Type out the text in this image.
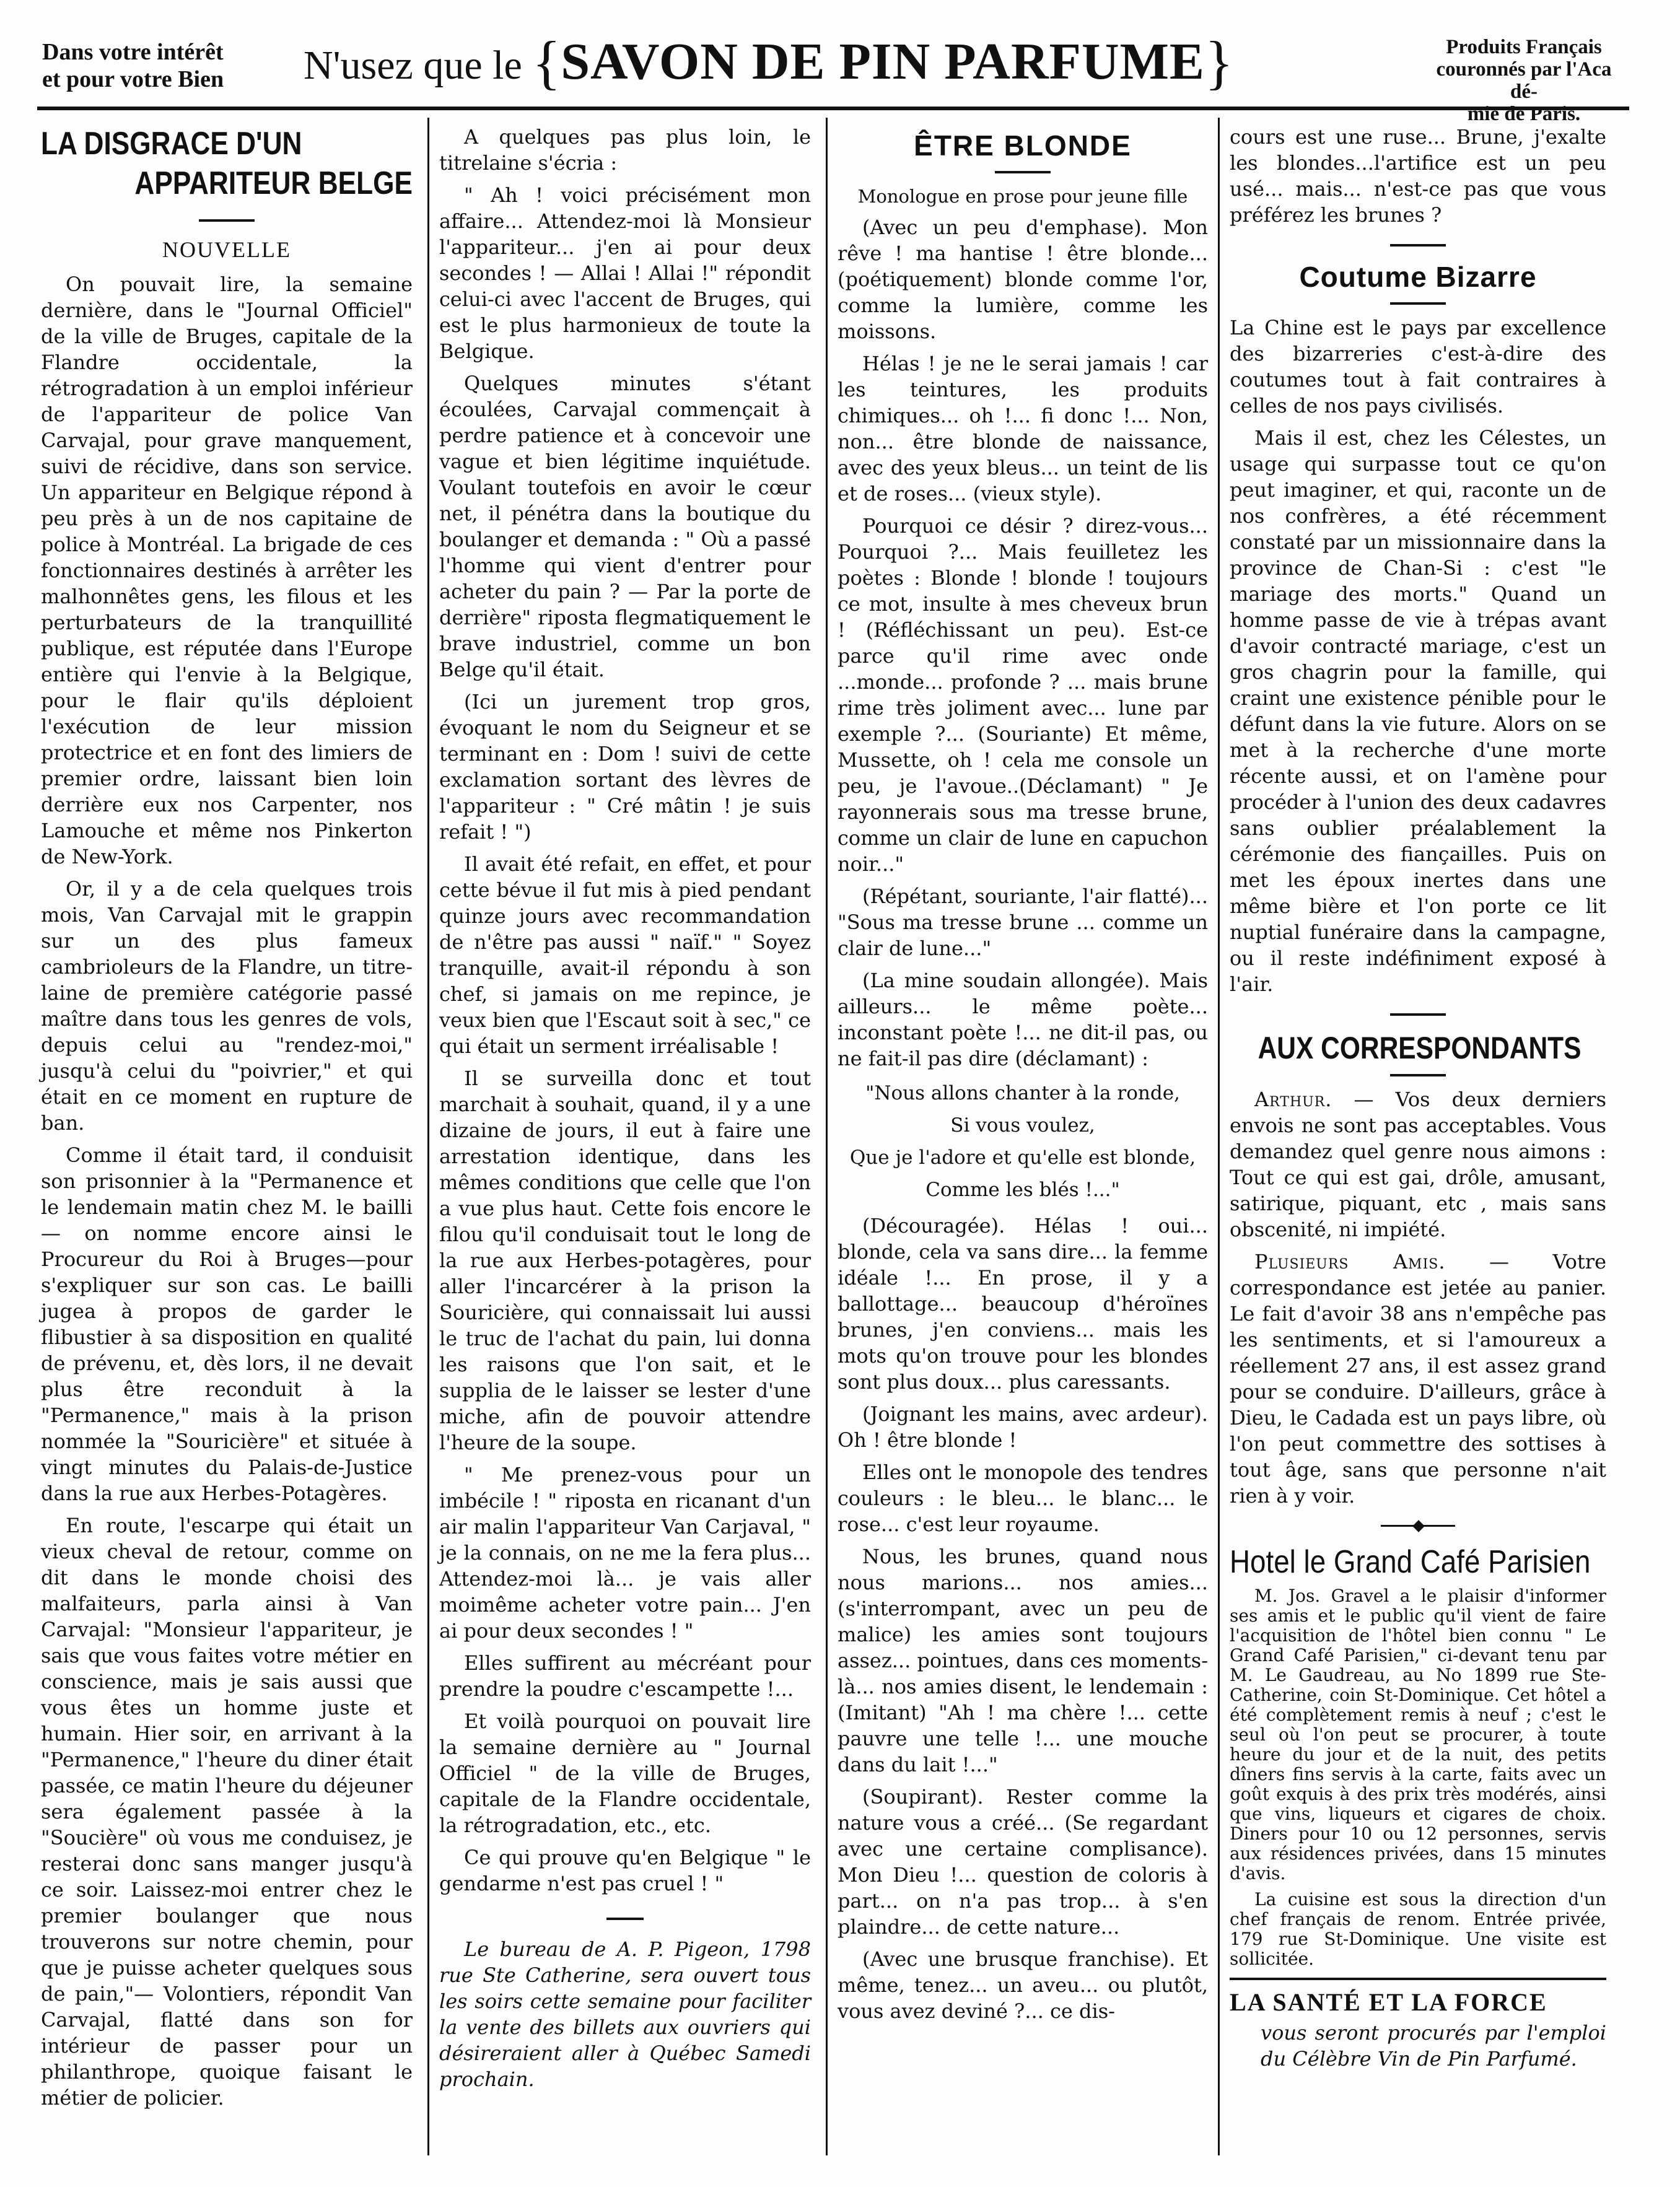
Dans votre intérêt
et pour votre Bien N'usez que le {SAVON DE PIN PARFUME}	Produits Français
couronnés par l'Aca dé-
mie de Paris.
LA DISGRACE D'UN
APPARITEUR BELGE
NOUVELLE

On pouvait lire, la semaine dernière, dans le "Journal Officiel" de la ville de Bruges, capitale de la Flandre occidentale, la rétrogradation à un emploi inférieur de l'appariteur de police Van Carvajal, pour grave manquement, suivi de récidive, dans son service. Un appariteur en Belgique répond à peu près à un de nos capitaine de police à Montréal. La brigade de ces fonctionnaires destinés à arrêter les malhonnêtes gens, les filous et les perturbateurs de la tranquillité publique, est réputée dans l'Europe entière qui l'envie à la Belgique, pour le flair qu'ils déploient l'exécution de leur mission protectrice et en font des limiers de premier ordre, laissant bien loin derrière eux nos Carpenter, nos Lamouche et même nos Pinkerton de New-York.

Or, il y a de cela quelques trois mois, Van Carvajal mit le grappin sur un des plus fameux cambrioleurs de la Flandre, un titre-laine de première catégorie passé maître dans tous les genres de vols, depuis celui au "rendez-moi," jusqu'à celui du "poivrier," et qui était en ce moment en rupture de ban.

Comme il était tard, il conduisit son prisonnier à la "Permanence et le lendemain matin chez M. le bailli— on nomme encore ainsi le Procureur du Roi à Bruges—pour s'expliquer sur son cas. Le bailli jugea à propos de garder le flibustier à sa disposition en qualité de prévenu, et, dès lors, il ne devait plus être reconduit à la "Permanence," mais à la prison nommée la "Souricière" et située à vingt minutes du Palais-de-Justice dans la rue aux Herbes-Potagères.

En route, l'escarpe qui était un vieux cheval de retour, comme on dit dans le monde choisi des malfaiteurs, parla ainsi à Van Carvajal: "Monsieur l'appariteur, je sais que vous faites votre métier en conscience, mais je sais aussi que vous êtes un homme juste et humain. Hier soir, en arrivant à la "Permanence," l'heure du diner était passée, ce matin l'heure du déjeuner sera également passée à la "Soucière" où vous me conduisez, je resterai donc sans manger jusqu'à ce soir. Laissez-moi entrer chez le premier boulanger que nous trouverons sur notre chemin, pour que je puisse acheter quelques sous de pain,"— Volontiers, répondit Van Carvajal, flatté dans son for intérieur de passer pour un philanthrope, quoique faisant le métier de policier.

A quelques pas plus loin, le titrelaine s'écria :

" Ah ! voici précisément mon affaire... Attendez-moi là Monsieur l'appariteur... j'en ai pour deux secondes ! — Allai ! Allai !" répondit celui-ci avec l'accent de Bruges, qui est le plus harmonieux de toute la Belgique.

Quelques minutes s'étant écoulées, Carvajal commençait à perdre patience et à concevoir une vague et bien légitime inquiétude. Voulant toutefois en avoir le cœur net, il pénétra dans la boutique du boulanger et demanda : " Où a passé l'homme qui vient d'entrer pour acheter du pain ? — Par la porte de derrière" riposta flegmatiquement le brave industriel, comme un bon Belge qu'il était.

(Ici un jurement trop gros, évoquant le nom du Seigneur et se terminant en : Dom ! suivi de cette exclamation sortant des lèvres de l'appariteur : " Cré mâtin ! je suis refait ! ")

Il avait été refait, en effet, et pour cette bévue il fut mis à pied pendant quinze jours avec recommandation de n'être pas aussi " naïf." " Soyez tranquille, avait-il répondu à son chef, si jamais on me repince, je veux bien que l'Escaut soit à sec," ce qui était un serment irréalisable !

Il se surveilla donc et tout marchait à souhait, quand, il y a une dizaine de jours, il eut à faire une arrestation identique, dans les mêmes conditions que celle que l'on a vue plus haut. Cette fois encore le filou qu'il conduisait tout le long de la rue aux Herbes-potagères, pour aller l'incarcérer à la prison la Souricière, qui connaissait lui aussi le truc de l'achat du pain, lui donna les raisons que l'on sait, et le supplia de le laisser se lester d'une miche, afin de pouvoir attendre l'heure de la soupe.

" Me prenez-vous pour un imbécile ! " riposta en ricanant d'un air malin l'appariteur Van Carjaval, " je la connais, on ne me la fera plus... Attendez-moi là... je vais aller moimême acheter votre pain... J'en ai pour deux secondes ! "

Elles suffirent au mécréant pour prendre la poudre c'escampette !...

Et voilà pourquoi on pouvait lire la semaine dernière au " Journal Officiel " de la ville de Bruges, capitale de la Flandre occidentale, la rétrogradation, etc., etc.

Ce qui prouve qu'en Belgique " le gendarme n'est pas cruel ! "

Le bureau de A. P. Pigeon, 1798 rue Ste Catherine, sera ouvert tous les soirs cette semaine pour faciliter la vente des billets aux ouvriers qui désireraient aller à Québec Samedi prochain.

ÊTRE BLONDE

Monologue en prose pour jeune fille

(Avec un peu d'emphase). Mon rêve ! ma hantise ! être blonde... (poétiquement) blonde comme l'or, comme la lumière, comme les moissons.

Hélas ! je ne le serai jamais ! car les teintures, les produits chimiques... oh !... fi donc !... Non, non... être blonde de naissance, avec des yeux bleus... un teint de lis et de roses... (vieux style).

Pourquoi ce désir ? direz-vous... Pourquoi ?... Mais feuilletez les poètes : Blonde ! blonde ! toujours ce mot, insulte à mes cheveux brun ! (Réfléchissant un peu). Est-ce parce qu'il rime avec onde ...monde... profonde ? ... mais brune rime très joliment avec... lune par exemple ?... (Souriante) Et même, Mussette, oh ! cela me console un peu, je l'avoue..(Déclamant) " Je rayonnerais sous ma tresse brune, comme un clair de lune en capuchon noir..."

(Répétant, souriante, l'air flatté)... "Sous ma tresse brune ... comme un clair de lune..."

(La mine soudain allongée). Mais ailleurs... le même poète... inconstant poète !... ne dit-il pas, ou ne fait-il pas dire (déclamant) :

"Nous allons chanter à la ronde,

Si vous voulez,

Que je l'adore et qu'elle est blonde,

Comme les blés !..."

(Découragée). Hélas ! oui... blonde, cela va sans dire... la femme idéale !... En prose, il y a ballottage... beaucoup d'héroïnes brunes, j'en conviens... mais les mots qu'on trouve pour les blondes sont plus doux... plus caressants.

(Joignant les mains, avec ardeur). Oh ! être blonde !

Elles ont le monopole des tendres couleurs : le bleu... le blanc... le rose... c'est leur royaume.

Nous, les brunes, quand nous nous marions... nos amies... (s'interrompant, avec un peu de malice) les amies sont toujours assez... pointues, dans ces moments-là... nos amies disent, le lendemain : (Imitant) "Ah ! ma chère !... cette pauvre une telle !... une mouche dans du lait !..."

(Soupirant). Rester comme la nature vous a créé... (Se regardant avec une certaine complisance). Mon Dieu !... question de coloris à part... on n'a pas trop... à s'en plaindre... de cette nature...

(Avec une brusque franchise). Et même, tenez... un aveu... ou plutôt, vous avez deviné ?... ce dis-

cours est une ruse... Brune, j'exalte les blondes...l'artifice est un peu usé... mais... n'est-ce pas que vous préférez les brunes ?

Coutume Bizarre

La Chine est le pays par excellence des bizarreries c'est-à-dire des coutumes tout à fait contraires à celles de nos pays civilisés.

Mais il est, chez les Célestes, un usage qui surpasse tout ce qu'on peut imaginer, et qui, raconte un de nos confrères, a été récemment constaté par un missionnaire dans la province de Chan-Si : c'est "le mariage des morts." Quand un homme passe de vie à trépas avant d'avoir contracté mariage, c'est un gros chagrin pour la famille, qui craint une existence pénible pour le défunt dans la vie future. Alors on se met à la recherche d'une morte récente aussi, et on l'amène pour procéder à l'union des deux cadavres sans oublier préalablement la cérémonie des fiançailles. Puis on met les époux inertes dans une même bière et l'on porte ce lit nuptial funéraire dans la campagne, ou il reste indéfiniment exposé à l'air.

AUX CORRESPONDANTS

Arthur. — Vos deux derniers envois ne sont pas acceptables. Vous demandez quel genre nous aimons : Tout ce qui est gai, drôle, amusant, satirique, piquant, etc , mais sans obscenité, ni impiété.

Plusieurs Amis. — Votre correspondance est jetée au panier. Le fait d'avoir 38 ans n'empêche pas les sentiments, et si l'amoureux a réellement 27 ans, il est assez grand pour se conduire. D'ailleurs, grâce à Dieu, le Cadada est un pays libre, où l'on peut commettre des sottises à tout âge, sans que personne n'ait rien à y voir.

Hotel le Grand Café Parisien

M. Jos. Gravel a le plaisir d'informer ses amis et le public qu'il vient de faire l'acquisition de l'hôtel bien connu " Le Grand Café Parisien," ci-devant tenu par M. Le Gaudreau, au No 1899 rue Ste-Catherine, coin St-Dominique. Cet hôtel a été complètement remis à neuf ; c'est le seul où l'on peut se procurer, à toute heure du jour et de la nuit, des petits dîners fins servis à la carte, faits avec un goût exquis à des prix très modérés, ainsi que vins, liqueurs et cigares de choix. Diners pour 10 ou 12 personnes, servis aux résidences privées, dans 15 minutes d'avis.

La cuisine est sous la direction d'un chef français de renom. Entrée privée, 179 rue St-Dominique. Une visite est sollicitée.

LA SANTÉ ET LA FORCE

vous seront procurés par l'emploi du Célèbre Vin de Pin Parfumé.
